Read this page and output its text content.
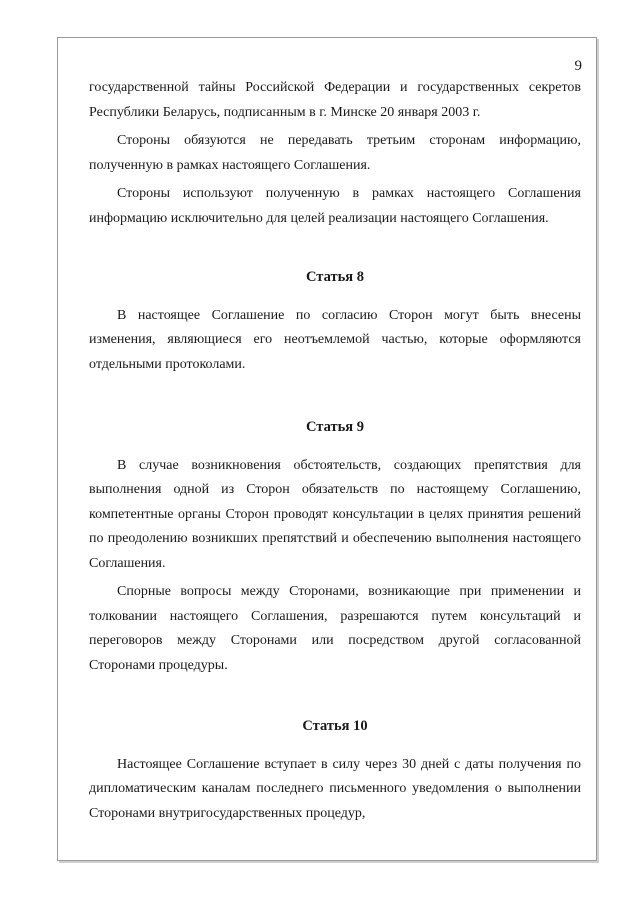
9

государственной тайны Российской Федерации и государственных секретов Республики Беларусь, подписанным в г. Минске 20 января 2003 г.

Стороны обязуются не передавать третьим сторонам информацию, полученную в рамках настоящего Соглашения.

Стороны используют полученную в рамках настоящего Соглашения информацию исключительно для целей реализации настоящего Соглашения.

Статья 8

В настоящее Соглашение по согласию Сторон могут быть внесены изменения, являющиеся его неотъемлемой частью, которые оформляются отдельными протоколами.

Статья 9

В случае возникновения обстоятельств, создающих препятствия для выполнения одной из Сторон обязательств по настоящему Соглашению, компетентные органы Сторон проводят консультации в целях принятия решений по преодолению возникших препятствий и обеспечению выполнения настоящего Соглашения.

Спорные вопросы между Сторонами, возникающие при применении и толковании настоящего Соглашения, разрешаются путем консультаций и переговоров между Сторонами или посредством другой согласованной Сторонами процедуры.

Статья 10

Настоящее Соглашение вступает в силу через 30 дней с даты получения по дипломатическим каналам последнего письменного уведомления о выполнении Сторонами внутригосударственных процедур,
